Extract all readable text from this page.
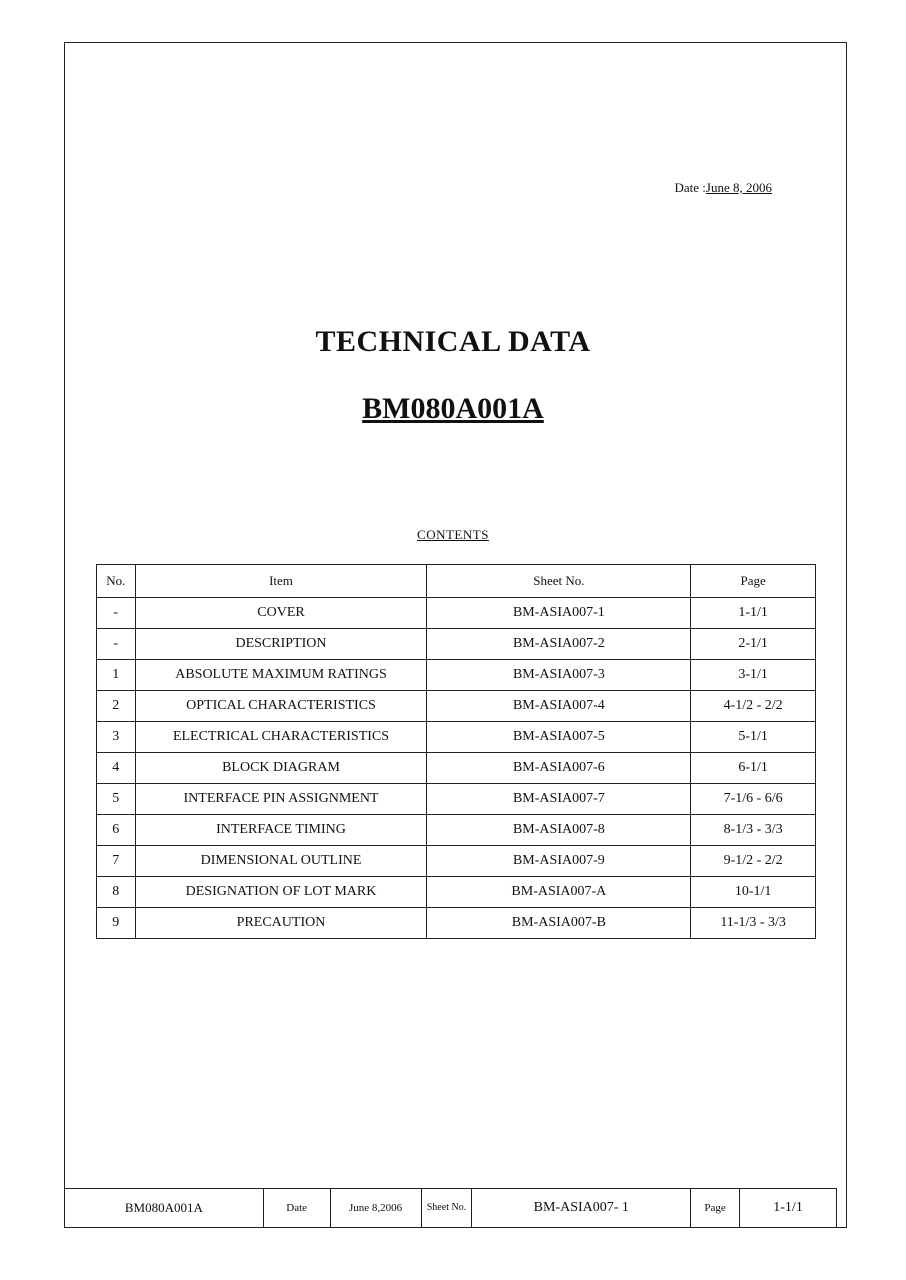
Date :June 8, 2006
TECHNICAL DATA
BM080A001A
CONTENTS
No.	Item	Sheet No.	Page
-	COVER	BM-ASIA007-1	1-1/1
-	DESCRIPTION	BM-ASIA007-2	2-1/1
1	ABSOLUTE MAXIMUM RATINGS	BM-ASIA007-3	3-1/1
2	OPTICAL CHARACTERISTICS	BM-ASIA007-4	4-1/2 - 2/2
3	ELECTRICAL CHARACTERISTICS	BM-ASIA007-5	5-1/1
4	BLOCK DIAGRAM	BM-ASIA007-6	6-1/1
5	INTERFACE PIN ASSIGNMENT	BM-ASIA007-7	7-1/6 - 6/6
6	INTERFACE TIMING	BM-ASIA007-8	8-1/3 - 3/3
7	DIMENSIONAL OUTLINE	BM-ASIA007-9	9-1/2 - 2/2
8	DESIGNATION OF LOT MARK	BM-ASIA007-A	10-1/1
9	PRECAUTION	BM-ASIA007-B	11-1/3 - 3/3
BM080A001A	Date	June 8,2006	Sheet No.	BM-ASIA007- 1	Page	1-1/1
